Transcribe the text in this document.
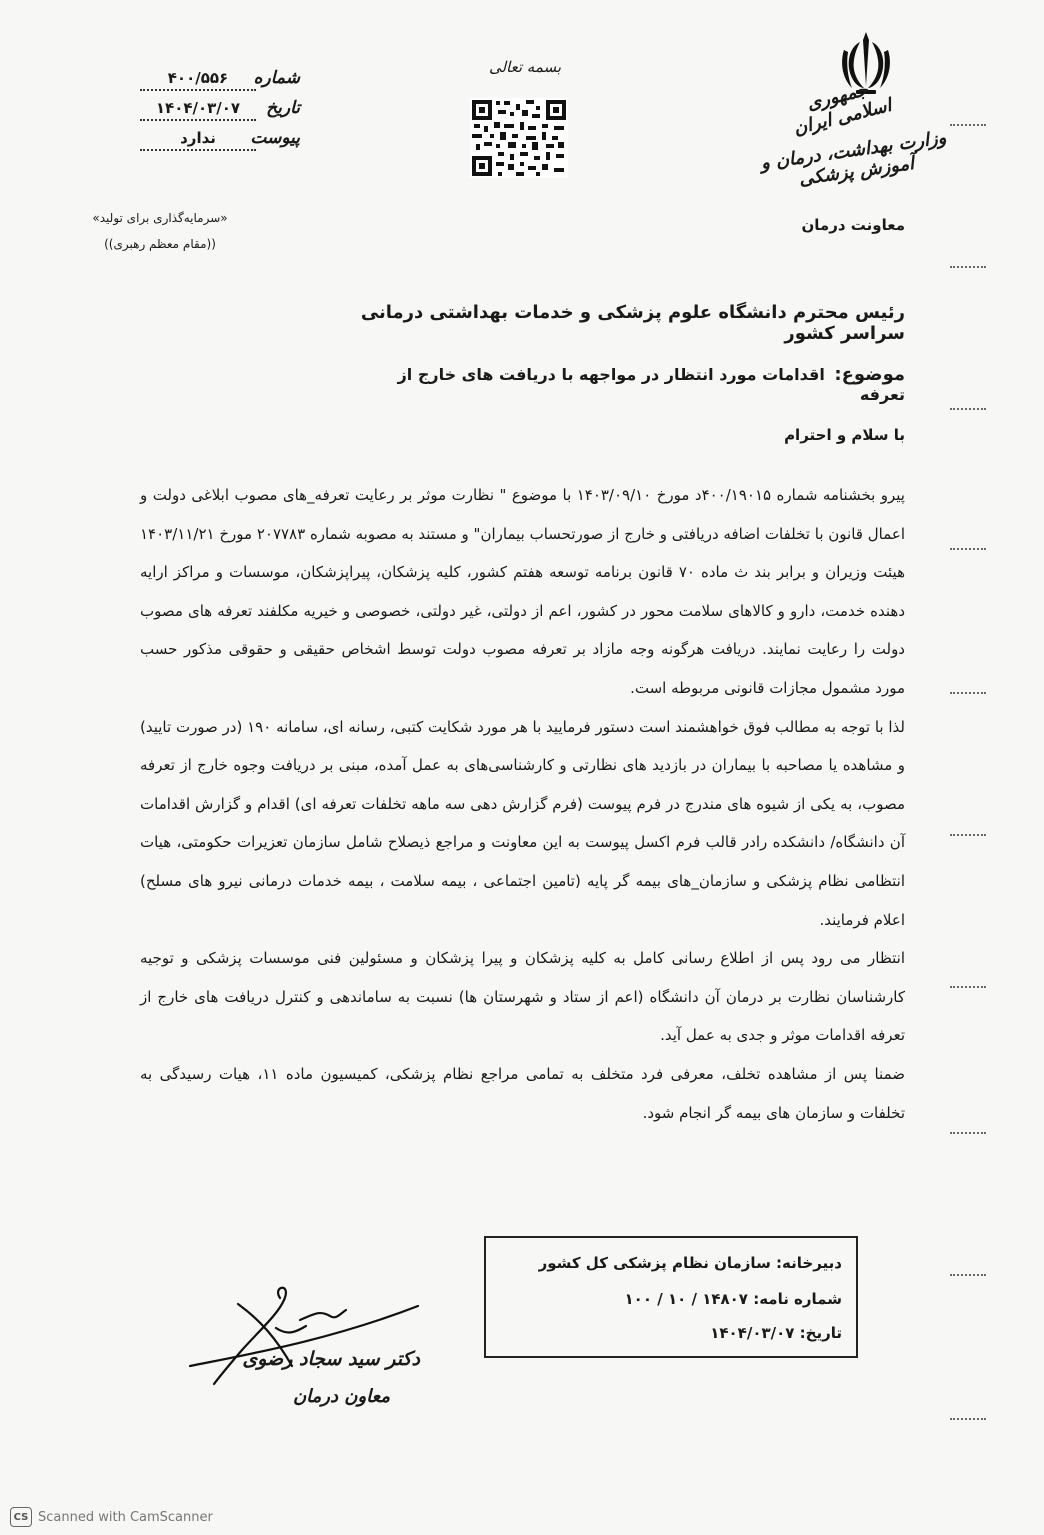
جمهوری اسلامی ایران
وزارت بهداشت، درمان و آموزش پزشکی
معاونت درمان
بسمه تعالی
شماره
۴۰۰/۵۵۶
تاریخ
۱۴۰۴/۰۳/۰۷
پیوست
ندارد
«سرمایه‌گذاری برای تولید»
((مقام معظم رهبری))
رئیس محترم دانشگاه علوم پزشکی و خدمات بهداشتی درمانی سراسر کشور
موضوع: اقدامات مورد انتظار در مواجهه با دریافت های خارج از تعرفه
با سلام و احترام

پیرو بخشنامه شماره ۴۰۰/۱۹۰۱۵د مورخ ۱۴۰۳/۰۹/۱۰ با موضوع " نظارت موثر بر رعایت تعرفه_های مصوب ابلاغی دولت و اعمال قانون با تخلفات اضافه دریافتی و خارج از صورتحساب بیماران" و مستند به مصوبه شماره ۲۰۷۷۸۳ مورخ ۱۴۰۳/۱۱/۲۱ هیئت وزیران و برابر بند ث ماده ۷۰ قانون برنامه توسعه هفتم کشور، کلیه پزشکان، پیراپزشکان، موسسات و مراکز ارایه دهنده خدمت، دارو و کالاهای سلامت محور در کشور، اعم از دولتی، غیر دولتی، خصوصی و خیریه مکلفند تعرفه های مصوب دولت را رعایت نمایند. دریافت هرگونه وجه مازاد بر تعرفه مصوب دولت توسط اشخاص حقیقی و حقوقی مذکور حسب مورد مشمول مجازات قانونی مربوطه است.

لذا با توجه به مطالب فوق خواهشمند است دستور فرمایید با هر مورد شکایت کتبی، رسانه ای، سامانه ۱۹۰ (در صورت تایید) و مشاهده یا مصاحبه با بیماران در بازدید های نظارتی و کارشناسی‌های به عمل آمده، مبنی بر دریافت وجوه خارج از تعرفه مصوب، به یکی از شیوه های مندرج در فرم پیوست (فرم گزارش دهی سه ماهه تخلفات تعرفه ای) اقدام و گزارش اقدامات آن دانشگاه/ دانشکده رادر قالب فرم اکسل پیوست به این معاونت و مراجع ذیصلاح شامل سازمان تعزیرات حکومتی، هیات انتظامی نظام پزشکی و سازمان_های بیمه گر پایه (تامین اجتماعی ، بیمه سلامت ، بیمه خدمات درمانی نیرو های مسلح) اعلام فرمایند.

انتظار می رود پس از اطلاع رسانی کامل به کلیه پزشکان و پیرا پزشکان و مسئولین فنی موسسات پزشکی و توجیه کارشناسان نظارت بر درمان آن دانشگاه (اعم از ستاد و شهرستان ها) نسبت به ساماندهی و کنترل دریافت های خارج از تعرفه اقدامات موثر و جدی به عمل آید.

ضمنا پس از مشاهده تخلف، معرفی فرد متخلف به تمامی مراجع نظام پزشکی، کمیسیون ماده ۱۱، هیات رسیدگی به تخلفات و سازمان های بیمه گر انجام شود.

دبیرخانه: سازمان نظام پزشکی کل کشور
شماره نامه: ۱۴۸۰۷ / ۱۰ / ۱۰۰
تاریخ: ۱۴۰۴/۰۳/۰۷
دکتر سید سجاد رضوی
معاون درمان
CS Scanned with CamScanner
